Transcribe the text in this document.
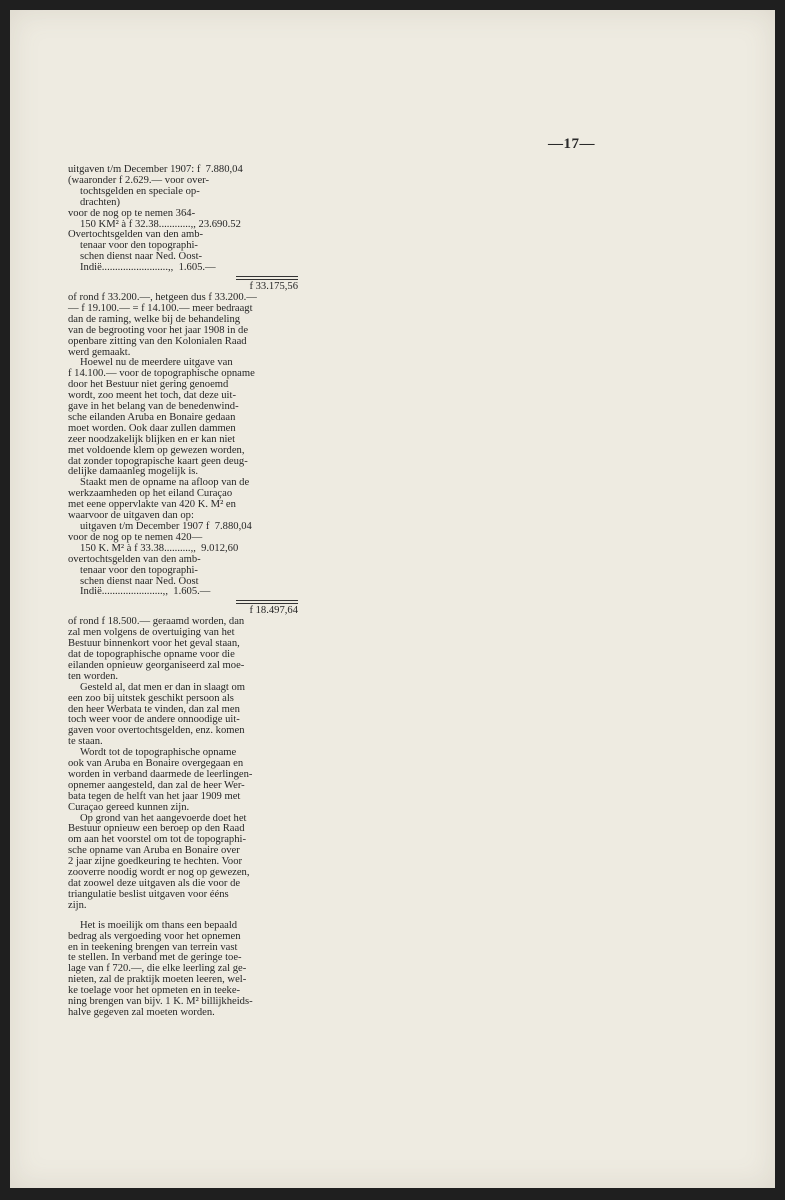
—17—
uitgaven t/m December 1907: f  7.880,04
(waaronder f 2.629.— voor over-
tochtsgelden en speciale op-
drachten)
voor de nog op te nemen 364-
150 KM² à f 32.38............,, 23.690.52
Overtochtsgelden van den amb-
tenaar voor den topographi-
schen dienst naar Ned. Oost-
Indië.........................,,  1.605.—
f 33.175,56
of rond f 33.200.—, hetgeen dus f 33.200.—
— f 19.100.— = f 14.100.— meer bedraagt
dan de raming, welke bij de behandeling
van de begrooting voor het jaar 1908 in de
openbare zitting van den Kolonialen Raad
werd gemaakt.
Hoewel nu de meerdere uitgave van
f 14.100.— voor de topographische opname
door het Bestuur niet gering genoemd
wordt, zoo meent het toch, dat deze uit-
gave in het belang van de benedenwind-
sche eilanden Aruba en Bonaire gedaan
moet worden. Ook daar zullen dammen
zeer noodzakelijk blijken en er kan niet
met voldoende klem op gewezen worden,
dat zonder topograpische kaart geen deug-
delijke damaanleg mogelijk is.
Staakt men de opname na afloop van de
werkzaamheden op het eiland Curaçao
met eene oppervlakte van 420 K. M² en
waarvoor de uitgaven dan op:
uitgaven t/m December 1907 f  7.880,04
voor de nog op te nemen 420—
150 K. M² à f 33.38..........,,  9.012,60
overtochtsgelden van den amb-
tenaar voor den topographi-
schen dienst naar Ned. Oost
Indië.......................,,  1.605.—
f 18.497,64
of rond f 18.500.— geraamd worden, dan
zal men volgens de overtuiging van het
Bestuur binnenkort voor het geval staan,
dat de topographische opname voor die
eilanden opnieuw georganiseerd zal moe-
ten worden.
Gesteld al, dat men er dan in slaagt om
een zoo bij uitstek geschikt persoon als
den heer Werbata te vinden, dan zal men
toch weer voor de andere onnoodige uit-
gaven voor overtochtsgelden, enz. komen
te staan.
Wordt tot de topographische opname
ook van Aruba en Bonaire overgegaan en
worden in verband daarmede de leerlingen-
opnemer aangesteld, dan zal de heer Wer-
bata tegen de helft van het jaar 1909 met
Curaçao gereed kunnen zijn.
Op grond van het aangevoerde doet het
Bestuur opnieuw een beroep op den Raad
om aan het voorstel om tot de topographi-
sche opname van Aruba en Bonaire over
2 jaar zijne goedkeuring te hechten. Voor
zooverre noodig wordt er nog op gewezen,
dat zoowel deze uitgaven als die voor de
triangulatie beslist uitgaven voor ééns
zijn.
Het is moeilijk om thans een bepaald
bedrag als vergoeding voor het opnemen
en in teekening brengen van terrein vast
te stellen. In verband met de geringe toe-
lage van f 720.—, die elke leerling zal ge-
nieten, zal de praktijk moeten leeren, wel-
ke toelage voor het opmeten en in teeke-
ning brengen van bijv. 1 K. M² billijkheids-
halve gegeven zal moeten worden.
